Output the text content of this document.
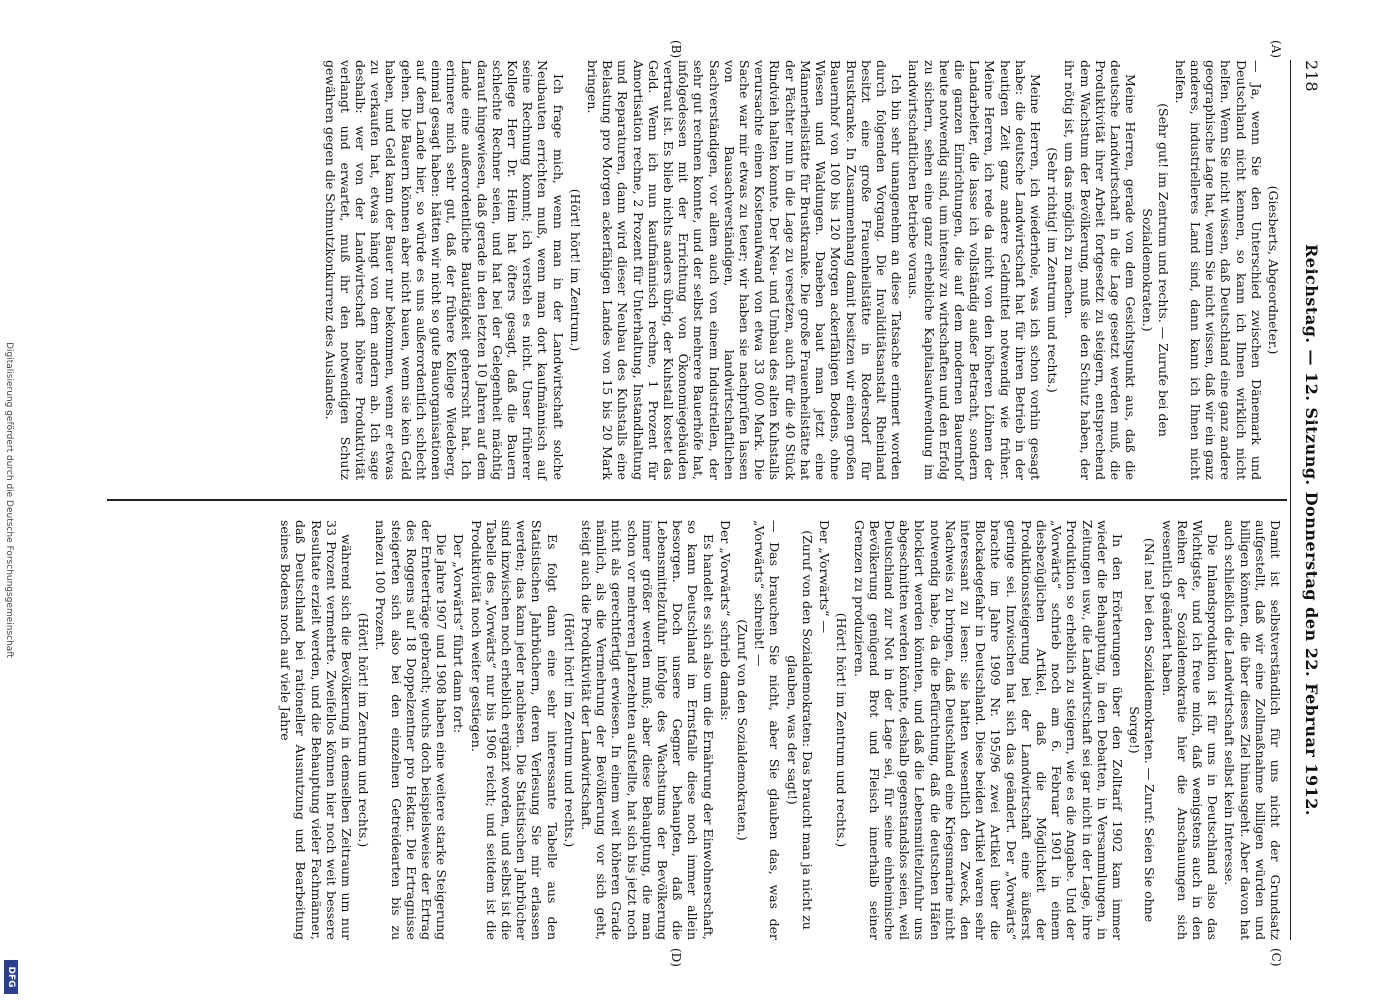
218
Reichstag. — 12. Sitzung. Donnerstag den 22. Februar 1912.

(Giesberts, Abgeordneter.)

— Ja, wenn Sie den Unterschied zwischen Dänemark und Deutschland nicht kennen, so kann ich Ihnen wirklich nicht helfen. Wenn Sie nicht wissen, daß Deutschland eine ganz andere geographische Lage hat, wenn Sie nicht wissen, daß wir ein ganz anderes, industrielleres Land sind, dann kann ich Ihnen nicht helfen.

(Sehr gut! im Zentrum und rechts. — Zurufe bei den Sozialdemokraten.)

Meine Herren, gerade von dem Gesichtspunkt aus, daß die deutsche Landwirtschaft in die Lage gesetzt werden muß, die Produktivität ihrer Arbeit fortgesetzt zu steigern, entsprechend dem Wachstum der Bevölkerung, muß sie den Schutz haben, der ihr nötig ist, um das möglich zu machen.

(Sehr richtig! im Zentrum und rechts.)

Meine Herren, ich wiederhole, was ich schon vorhin gesagt habe: die deutsche Landwirtschaft hat für ihren Betrieb in der heutigen Zeit ganz andere Geldmittel notwendig wie früher. Meine Herren, ich rede da nicht von den höheren Löhnen der Landarbeiter, die lasse ich vollständig außer Betracht, sondern die ganzen Einrichtungen, die auf dem modernen Bauernhof heute notwendig sind, um intensiv zu wirtschaften und den Erfolg zu sichern, sehen eine ganz erhebliche Kapitalsaufwendung im landwirtschaftlichen Betriebe voraus.

Ich bin sehr unangenehm an diese Tatsache erinnert worden durch folgenden Vorgang. Die Invaliditätsanstalt Rheinland besitzt eine große Frauenheilstätte in Rodersdorf für Brustkranke. In Zusammenhang damit besitzen wir einen großen Bauernhof von 100 bis 120 Morgen ackerfähigen Bodens, ohne Wiesen und Waldungen. Daneben baut man jetzt eine Männerheilstätte für Brustkranke. Die große Frauenheilstätte hat der Pächter nun in die Lage zu versetzen, auch für die 40 Stück Rindvieh halten konnte. Der Neu- und Umbau des alten Kuhstalls verursachte einen Kostenaufwand von etwa 33 000 Mark. Die Sache war mir etwas zu teuer; wir haben sie nachprüfen lassen von Bausachverständigen, landwirtschaftlichen Sachverständigen, vor allem auch von einem Industriellen, der sehr gut rechnen konnte, und der selbst mehrere Bauerhöfe hat, infolgedessen mit der Errichtung von Ökonomiegebäuden vertraut ist. Es blieb nichts anders übrig, der Kuhstall kostet das Geld. Wenn ich nun kaufmännisch rechne, 1 Prozent für Amortisation rechne, 2 Prozent für Unterhaltung, Instandhaltung und Reparaturen, dann wird dieser Neubau des Kuhstalls eine Belastung pro Morgen ackerfähigen Landes von 15 bis 20 Mark bringen.

(Hört! hört! im Zentrum.)

Ich frage mich, wenn man in der Landwirtschaft solche Neubauten errichten muß, wenn man dort kaufmännisch auf seine Rechnung kommt; ich versteh es nicht. Unser früherer Kollege Herr Dr. Heim hat öfters gesagt, daß die Bauern schlechte Rechner seien, und hat bei der Gelegenheit mächtig darauf hingewiesen, daß gerade in den letzten 10 Jahren auf dem Lande eine außerordentliche Bautätigkeit geherrscht hat. Ich erinnere mich sehr gut, daß der frühere Kollege Wiedeberg, einmal gesagt haben: hätten wir nicht so gute Bauorganisationen auf dem Lande hier, so würde es uns außerordentlich schlecht gehen. Die Bauern können aber nicht bauen, wenn sie kein Geld haben, und Geld kann der Bauer nur bekommen, wenn er etwas zu verkaufen hat, etwas hängt von dem andern ab. Ich sage deshalb: wer von der Landwirtschaft höhere Produktivität verlangt und erwartet, muß ihr den notwendigen Schutz gewähren gegen die Schmutzkonkurrenz des Auslandes.

Damit ist selbstverständlich für uns nicht der Grundsatz aufgestellt, daß wir eine Zollmaßnahme billigen würden und billigen könnten, die über dieses Ziel hinausgeht. Aber davon hat auch schließlich die Landwirtschaft selbst kein Interesse.

Die Inlandsproduktion ist für uns in Deutschland also das Wichtigste, und ich freue mich, daß wenigstens auch in den Reihen der Sozialdemokratie hier die Anschauungen sich wesentlich geändert haben.

(Na! na! bei den Sozialdemokraten. — Zuruf: Seien Sie ohne Sorge!)

In den Erörterungen über den Zolltarif 1902 kam immer wieder die Behauptung, in den Debatten, in Versammlungen, in Zeitungen usw., die Landwirtschaft sei gar nicht in der Lage, ihre Produktion so erheblich zu steigern, wie es die Angabe. Und der „Vorwärts“ schrieb noch am 6. Februar 1901 in einem diesbezüglichen Artikel, daß die Möglichkeit der Produktionssteigerung bei der Landwirtschaft eine äußerst geringe sei. Inzwischen hat sich das geändert. Der „Vorwärts“ brachte im Jahre 1909 Nr. 195/96 zwei Artikel über die Blockadegefahr in Deutschland. Diese beiden Artikel waren sehr interessant zu lesen: sie hatten wesentlich den Zweck, den Nachweis zu bringen, daß Deutschland eine Kriegsmarine nicht notwendig habe, da die Befürchtung, daß die deutschen Häfen blockiert werden könnten, und daß die Lebensmittelzufuhr uns abgeschnitten werden könnte, deshalb gegenstandslos seien, weil Deutschland zur Not in der Lage sei, für seine einheimische Bevölkerung genügend Brot und Fleisch innerhalb seiner Grenzen zu produzieren.

(Hört! hört! im Zentrum und rechts.)

Der „Vorwärts“ —

(Zuruf von den Sozialdemokraten: Das braucht man ja nicht zu glauben, was der sagt!)

— Das brauchen Sie nicht, aber Sie glauben das, was der „Vorwärts“ schreibt! —

(Zuruf von den Sozialdemokraten.)

Der „Vorwärts“ schrieb damals:

Es handelt es sich also um die Ernährung der Einwohnerschaft, so kann Deutschland im Ernstfalle diese noch immer allein besorgen. Doch unsere Gegner behaupten, daß die Lebensmittelzufuhr infolge des Wachstums der Bevölkerung immer größer werden muß; aber diese Behauptung, die man schon vor mehreren Jahrzehnten aufstellte, hat sich bis jetzt noch nicht als gerechtfertigt erwiesen. In einem weit höheren Grade nämlich, als die Vermehrung der Bevölkerung vor sich geht, steigt auch die Produktivität der Landwirtschaft.

(Hört! hört! im Zentrum und rechts.)

Es folgt dann eine sehr interessante Tabelle aus den Statistischen Jahrbüchern, deren Verlesung Sie mir erlassen werden; das kann jeder nachlesen. Die Statistischen Jahrbücher sind inzwischen noch erheblich ergänzt worden, und selbst ist die Tabelle des „Vorwärts“ nur bis 1906 reicht; und seitdem ist die Produktivität noch weiter gestiegen.

Der „Vorwärts“ führt dann fort:

Die Jahre 1907 und 1908 haben eine weitere starke Steigerung der Ernteerträge gebracht; wuchs doch beispielsweise der Ertrag des Roggens auf 18 Doppelzentner pro Hektar. Die Ertragnisse steigerten sich also bei den einzelnen Getreidearten bis zu nahezu 100 Prozent.

(Hört! hört! im Zentrum und rechts.)

während sich die Bevölkerung in demselben Zeitraum um nur 33 Prozent vermehrte. Zweifellos können hier noch weit bessere Resultate erzielt werden, und die Behauptung vieler Fachmänner, daß Deutschland bei rationeller Ausnutzung und Bearbeitung seines Bodens noch auf viele Jahre

(A)
(B)
(C)
(D)
Digitalisierung gefördert durch die Deutsche Forschungsgemeinschaft
DFG
